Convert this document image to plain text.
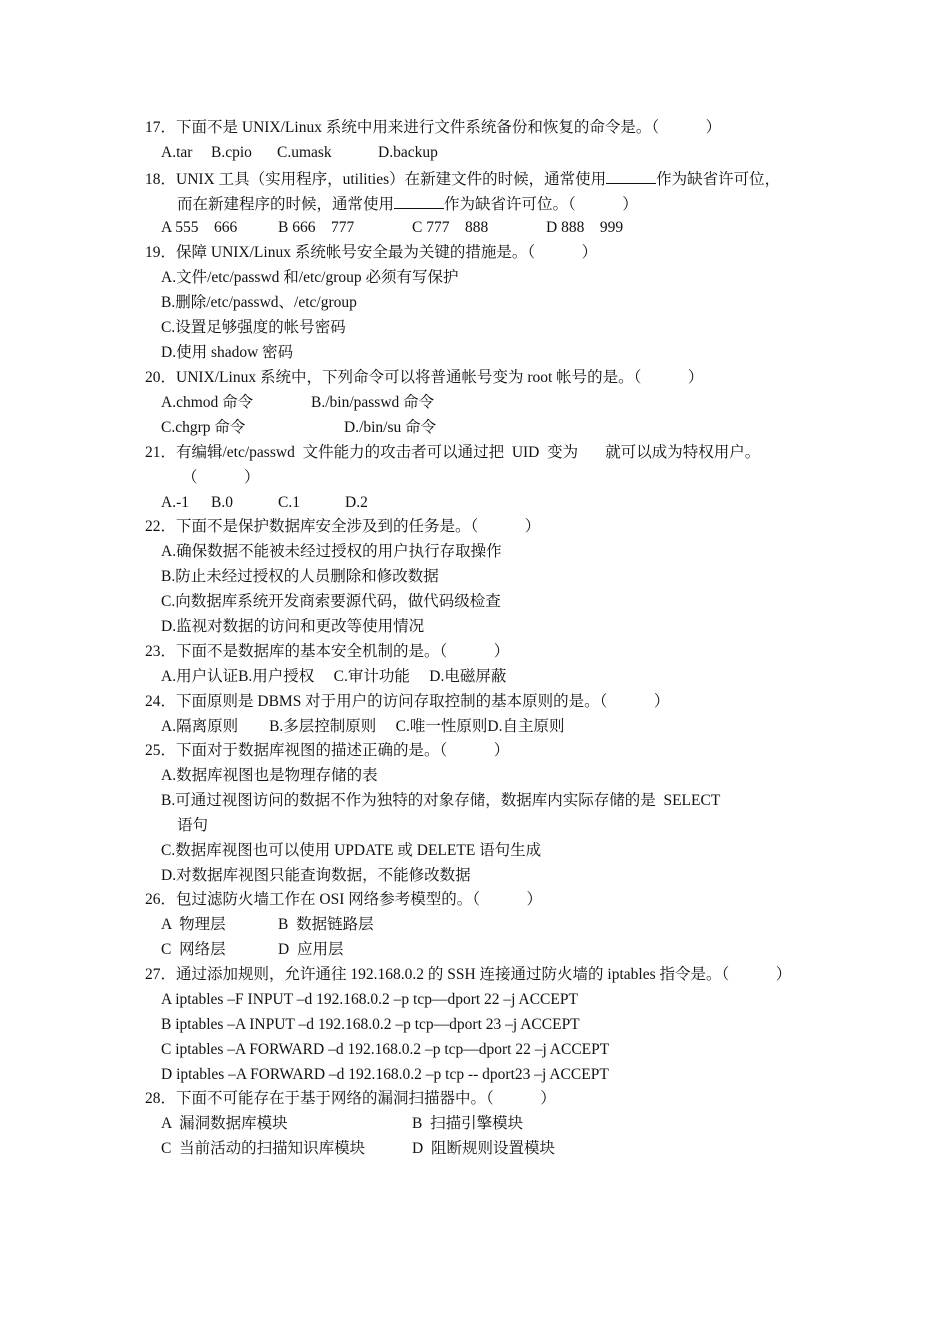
17．下面不是 UNIX/Linux 系统中用来进行文件系统备份和恢复的命令是。（　　　）

A.tar

B.cpio

C.umask

	D.backup

18．UNIX 工具（实用程序，utilities）在新建文件的时候，通常使用	作为缺省许可位，
而在新建程序的时候，通常使用	作为缺省许可位。（　　　）

A 555　666

	B 666　777

	C 777　888

	D 888　999

19．保障 UNIX/Linux 系统帐号安全最为关键的措施是。（　　　）
A.文件/etc/passwd 和/etc/group 必须有写保护
B.删除/etc/passwd、/etc/group
C.设置足够强度的帐号密码
D.使用 shadow 密码
20．UNIX/Linux 系统中，下列命令可以将普通帐号变为 root 帐号的是。（　　　）

A.chmod 命令

	B./bin/passwd 命令

C.chgrp 命令

	D./bin/su 命令

21．有编辑/etc/passwd  文件能力的攻击者可以通过把  UID  变为　   就可以成为特权用户。
（　　　）

A.-1

B.0

	C.1

	D.2

22．下面不是保护数据库安全涉及到的任务是。（　　　）
A.确保数据不能被未经过授权的用户执行存取操作
B.防止未经过授权的人员删除和修改数据
C.向数据库系统开发商索要源代码，做代码级检查
D.监视对数据的访问和更改等使用情况
23．下面不是数据库的基本安全机制的是。（　　　）
A.用户认证B.用户授权　 C.审计功能　 D.电磁屏蔽
24．下面原则是 DBMS 对于用户的访问存取控制的基本原则的是。（　　　）
A.隔离原则　　B.多层控制原则　 C.唯一性原则D.自主原则
25．下面对于数据库视图的描述正确的是。（　　　）
A.数据库视图也是物理存储的表
B.可通过视图访问的数据不作为独特的对象存储，数据库内实际存储的是  SELECT
语句
C.数据库视图也可以使用 UPDATE 或 DELETE 语句生成
D.对数据库视图只能查询数据，不能修改数据
26．包过滤防火墙工作在 OSI 网络参考模型的。（　　　）

A  物理层

	B  数据链路层

C  网络层

	D  应用层

27．通过添加规则，允许通往 192.168.0.2 的 SSH 连接通过防火墙的 iptables 指令是。（　　　）
A iptables –F INPUT –d 192.168.0.2 –p tcp—dport 22 –j ACCEPT
B iptables –A INPUT –d 192.168.0.2 –p tcp—dport 23 –j ACCEPT
C iptables –A FORWARD –d 192.168.0.2 –p tcp—dport 22 –j ACCEPT
D iptables –A FORWARD –d 192.168.0.2 –p tcp -- dport23 –j ACCEPT
28．下面不可能存在于基于网络的漏洞扫描器中。（　　　）

A  漏洞数据库模块

	B  扫描引擎模块

C  当前活动的扫描知识库模块

	D  阻断规则设置模块
